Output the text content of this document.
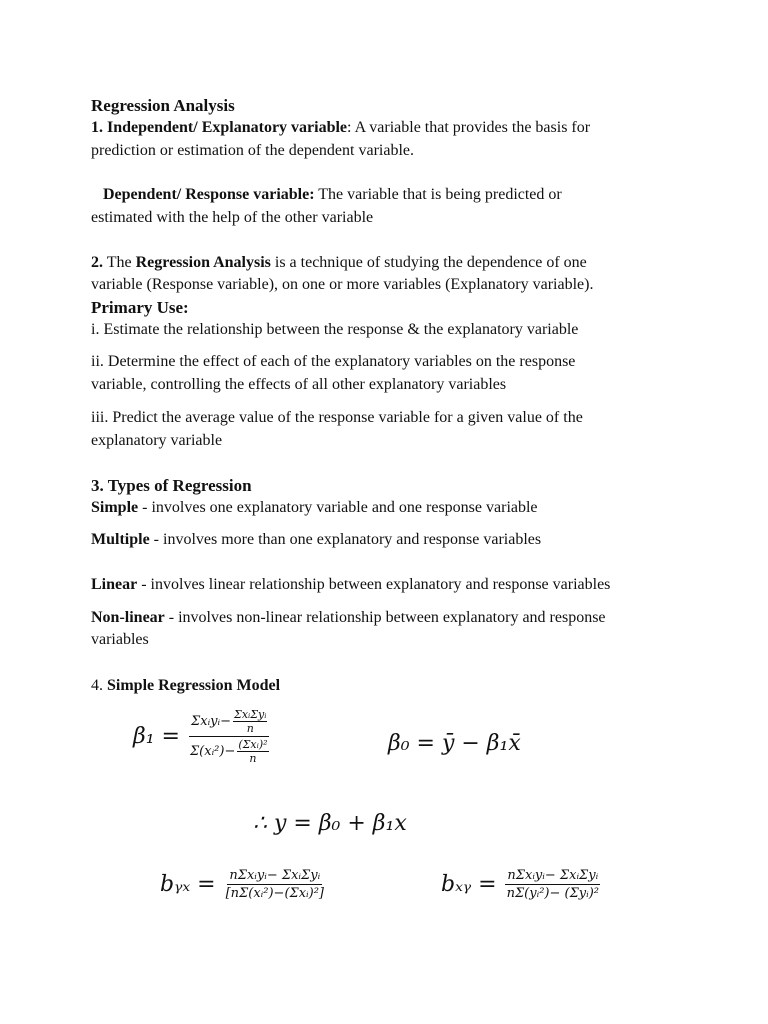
Regression Analysis
1. Independent/ Explanatory variable: A variable that provides the basis for
prediction or estimation of the dependent variable.
Dependent/ Response variable: The variable that is being predicted or
estimated with the help of the other variable
2. The Regression Analysis is a technique of studying the dependence of one
variable (Response variable), on one or more variables (Explanatory variable).
Primary Use:
i. Estimate the relationship between the response & the explanatory variable
ii. Determine the effect of each of the explanatory variables on the response
variable, controlling the effects of all other explanatory variables
iii. Predict the average value of the response variable for a given value of the
explanatory variable
3. Types of Regression
Simple - involves one explanatory variable and one response variable
Multiple - involves more than one explanatory and response variables
Linear - involves linear relationship between explanatory and response variables
Non-linear - involves non-linear relationship between explanatory and response
variables
4. Simple Regression Model
$\beta_1 = \frac{\Sigma xᵢyᵢ- \frac{\text{ΣxᵢΣyᵢ}}{n}}{\Sigma(xᵢ^2)- \frac{\text{(Σxᵢ)²}}{n}}$	β₀ = ȳ − β₁x̄
∴ y = β₀ + β₁x
bᵧₓ = $\frac{\text{nΣxᵢyᵢ− ΣxᵢΣyᵢ}}{\text{[nΣ(xᵢ²)−(Σxᵢ)²]}}$	bₓᵧ = $\frac{\text{nΣxᵢyᵢ− ΣxᵢΣyᵢ}}{\text{nΣ(yᵢ²)− (Σyᵢ)²}}$
